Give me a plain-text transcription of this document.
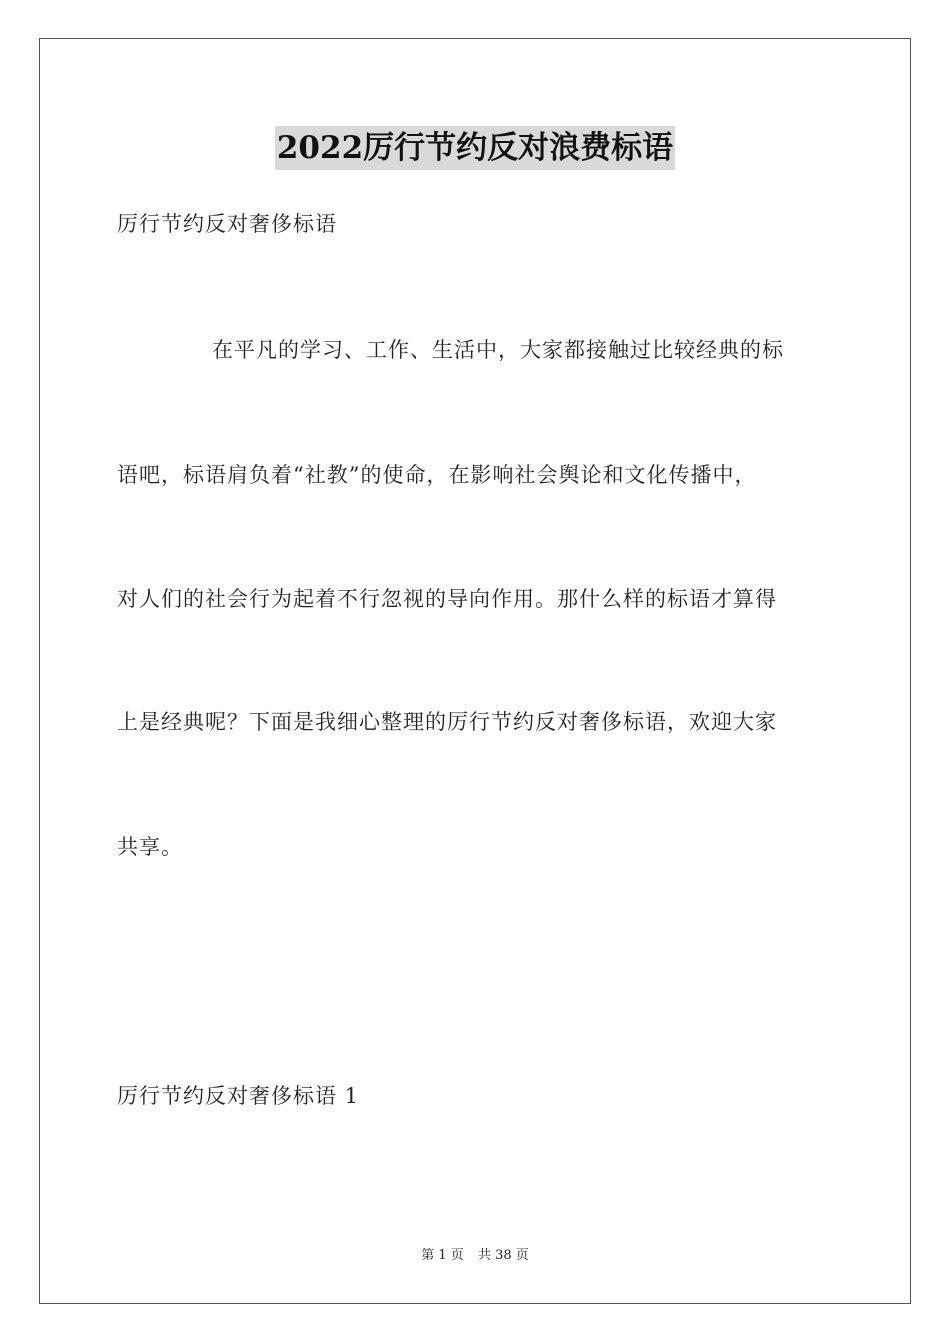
2022厉行节约反对浪费标语
厉行节约反对奢侈标语
在平凡的学习、工作、生活中，大家都接触过比较经典的标
语吧，标语肩负着“社教”的使命，在影响社会舆论和文化传播中，
对人们的社会行为起着不行忽视的导向作用。那什么样的标语才算得
上是经典呢？下面是我细心整理的厉行节约反对奢侈标语，欢迎大家
共享。
厉行节约反对奢侈标语 1
第 1 页 共 38 页
